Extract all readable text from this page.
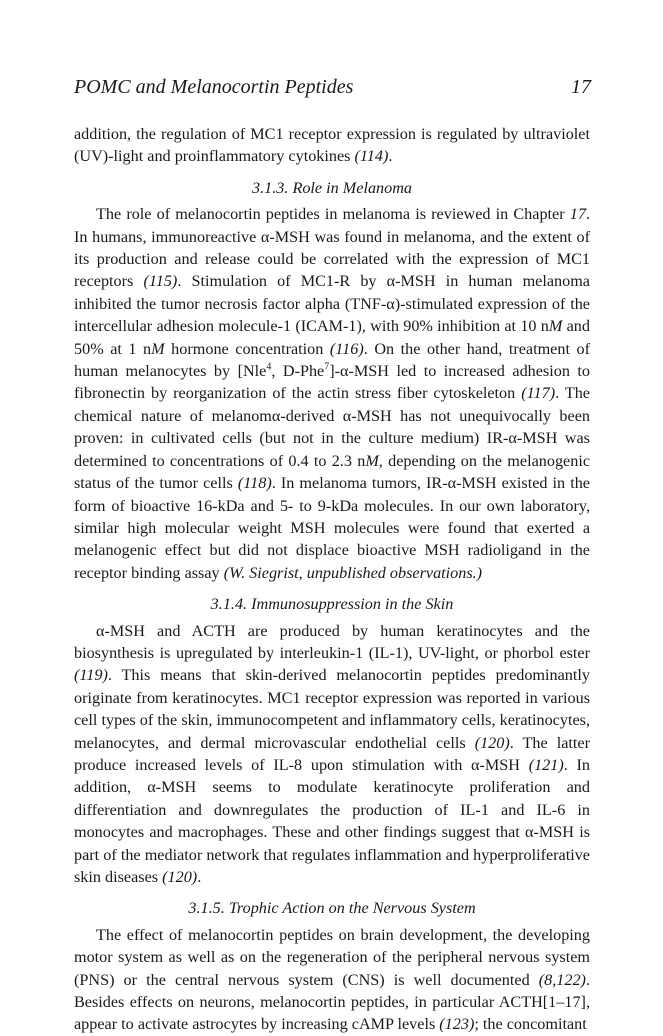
POMC and Melanocortin Peptides	17

addition, the regulation of MC1 receptor expression is regulated by ultraviolet (UV)-light and proinflammatory cytokines (114).

3.1.3. Role in Melanoma

The role of melanocortin peptides in melanoma is reviewed in Chapter 17. In humans, immunoreactive α-MSH was found in melanoma, and the extent of its production and release could be correlated with the expression of MC1 receptors (115). Stimulation of MC1-R by α-MSH in human melanoma inhibited the tumor necrosis factor alpha (TNF-α)-stimulated expression of the intercellular adhesion molecule-1 (ICAM-1), with 90% inhibition at 10 nM and 50% at 1 nM hormone concentration (116). On the other hand, treatment of human melanocytes by [Nle$^4$, D-Phe$^7$]-α-MSH led to increased adhesion to fibronectin by reorganization of the actin stress fiber cytoskeleton (117). The chemical nature of melanomα-derived α-MSH has not unequivocally been proven: in cultivated cells (but not in the culture medium) IR-α-MSH was determined to concentrations of 0.4 to 2.3 nM, depending on the melanogenic status of the tumor cells (118). In melanoma tumors, IR-α-MSH existed in the form of bioactive 16-kDa and 5- to 9-kDa molecules. In our own laboratory, similar high molecular weight MSH molecules were found that exerted a melanogenic effect but did not displace bioactive MSH radioligand in the receptor binding assay (W. Siegrist, unpublished observations.)

3.1.4. Immunosuppression in the Skin

α-MSH and ACTH are produced by human keratinocytes and the biosynthesis is upregulated by interleukin-1 (IL-1), UV-light, or phorbol ester (119). This means that skin-derived melanocortin peptides predominantly originate from keratinocytes. MC1 receptor expression was reported in various cell types of the skin, immunocompetent and inflammatory cells, keratinocytes, melanocytes, and dermal microvascular endothelial cells (120). The latter produce increased levels of IL-8 upon stimulation with α-MSH (121). In addition, α-MSH seems to modulate keratinocyte proliferation and differentiation and downregulates the production of IL-1 and IL-6 in monocytes and macrophages. These and other findings suggest that α-MSH is part of the mediator network that regulates inflammation and hyperproliferative skin diseases (120).

3.1.5. Trophic Action on the Nervous System

The effect of melanocortin peptides on brain development, the developing motor system as well as on the regeneration of the peripheral nervous system (PNS) or the central nervous system (CNS) is well documented (8,122). Besides effects on neurons, melanocortin peptides, in particular ACTH[1–17], appear to activate astrocytes by increasing cAMP levels (123); the concomitant
